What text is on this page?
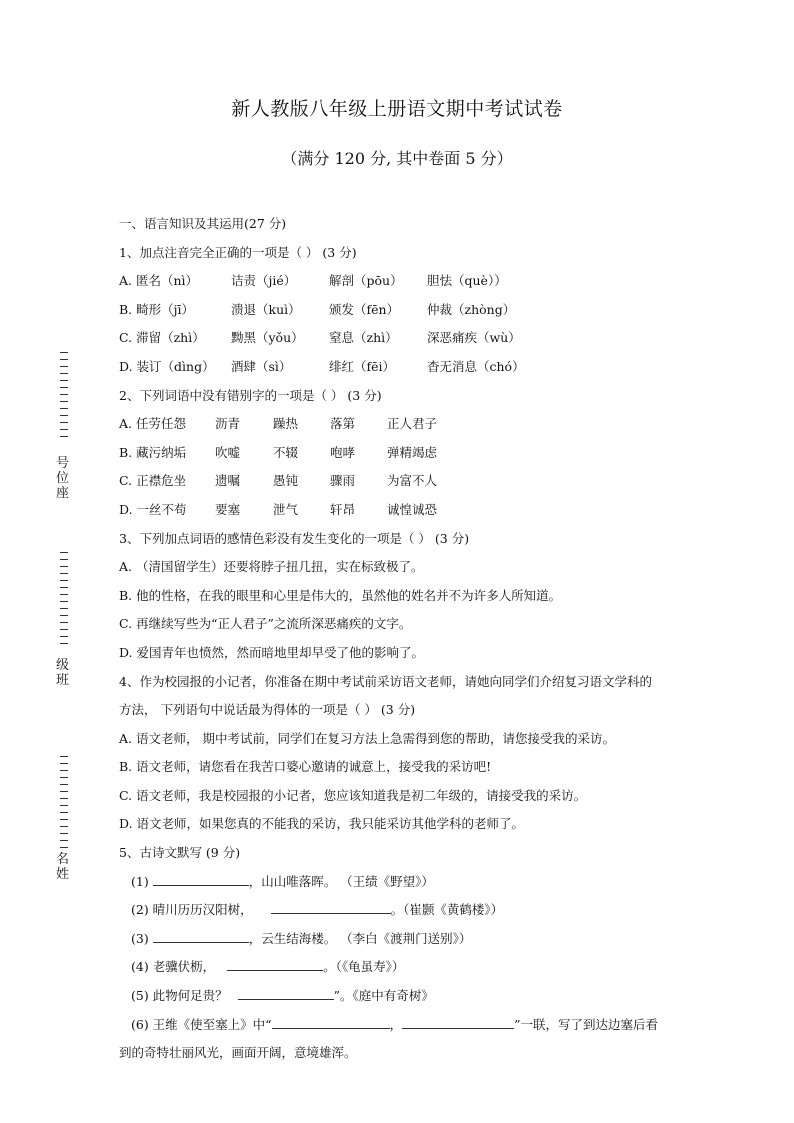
新人教版八年级上册语文期中考试试卷
（满分 120 分, 其中卷面 5 分）
号位座
级班
名姓
一、语言知识及其运用(27 分)
1、加点注音完全正确的一项是（ ） (3 分)
A. 匿名（nì）	诘责（jié）	解剖（pōu）	胆怯（què））
B. 畸形（jī）	溃退（kuì）	颁发（fēn）	仲裁（zhòng）
C. 滞留（zhì）	黝黑（yǒu）	窒息（zhì）	深恶痛疾（wù）
D. 装订（dìng）	酒肆（sì）	绯红（fēi）	杳无消息（chó）
2、下列词语中没有错别字的一项是（ ） (3 分)
A. 任劳任怨	沥青	躁热	落第	正人君子
B. 藏污纳垢	吹嘘	不辍	咆哮	弹精竭虑
C. 正襟危坐	遗嘱	愚钝	骤雨	为富不人
D. 一丝不苟	要塞	泄气	轩昂	诚惶诚恐
3、下列加点词语的感情色彩没有发生变化的一项是（ ） (3 分)
A. （清国留学生）还要将脖子扭几扭，实在标致极了。
B. 他的性格，在我的眼里和心里是伟大的，虽然他的姓名并不为许多人所知道。
C. 再继续写些为“正人君子”之流所深恶痛疾的文字。
D. 爱国青年也愤然，然而暗地里却早受了他的影响了。
4、作为校园报的小记者，你准备在期中考试前采访语文老师，请她向同学们介绍复习语文学科的
方法， 下列语句中说话最为得体的一项是（ ） (3 分)
A. 语文老师， 期中考试前，同学们在复习方法上急需得到您的帮助，请您接受我的采访。
B. 语文老师，请您看在我苦口婆心邀请的诚意上，接受我的采访吧!
C. 语文老师，我是校园报的小记者，您应该知道我是初二年级的，请接受我的采访。
D. 语文老师，如果您真的不能我的采访，我只能采访其他学科的老师了。
5、古诗文默写 (9 分)
(1)	，山山唯落晖。 （王绩《野望》）
(2) 晴川历历汉阳树，	。（崔颢《黄鹤楼》）
(3)	，云生结海楼。 （李白《渡荆门送别》）
(4) 老骥伏枥，	。（《龟虽寿》）
(5) 此物何足贵？	”。《庭中有奇树》
(6) 王维《使至塞上》中“	，	”一联，写了到达边塞后看
到的奇特壮丽风光，画面开阔，意境雄浑。
